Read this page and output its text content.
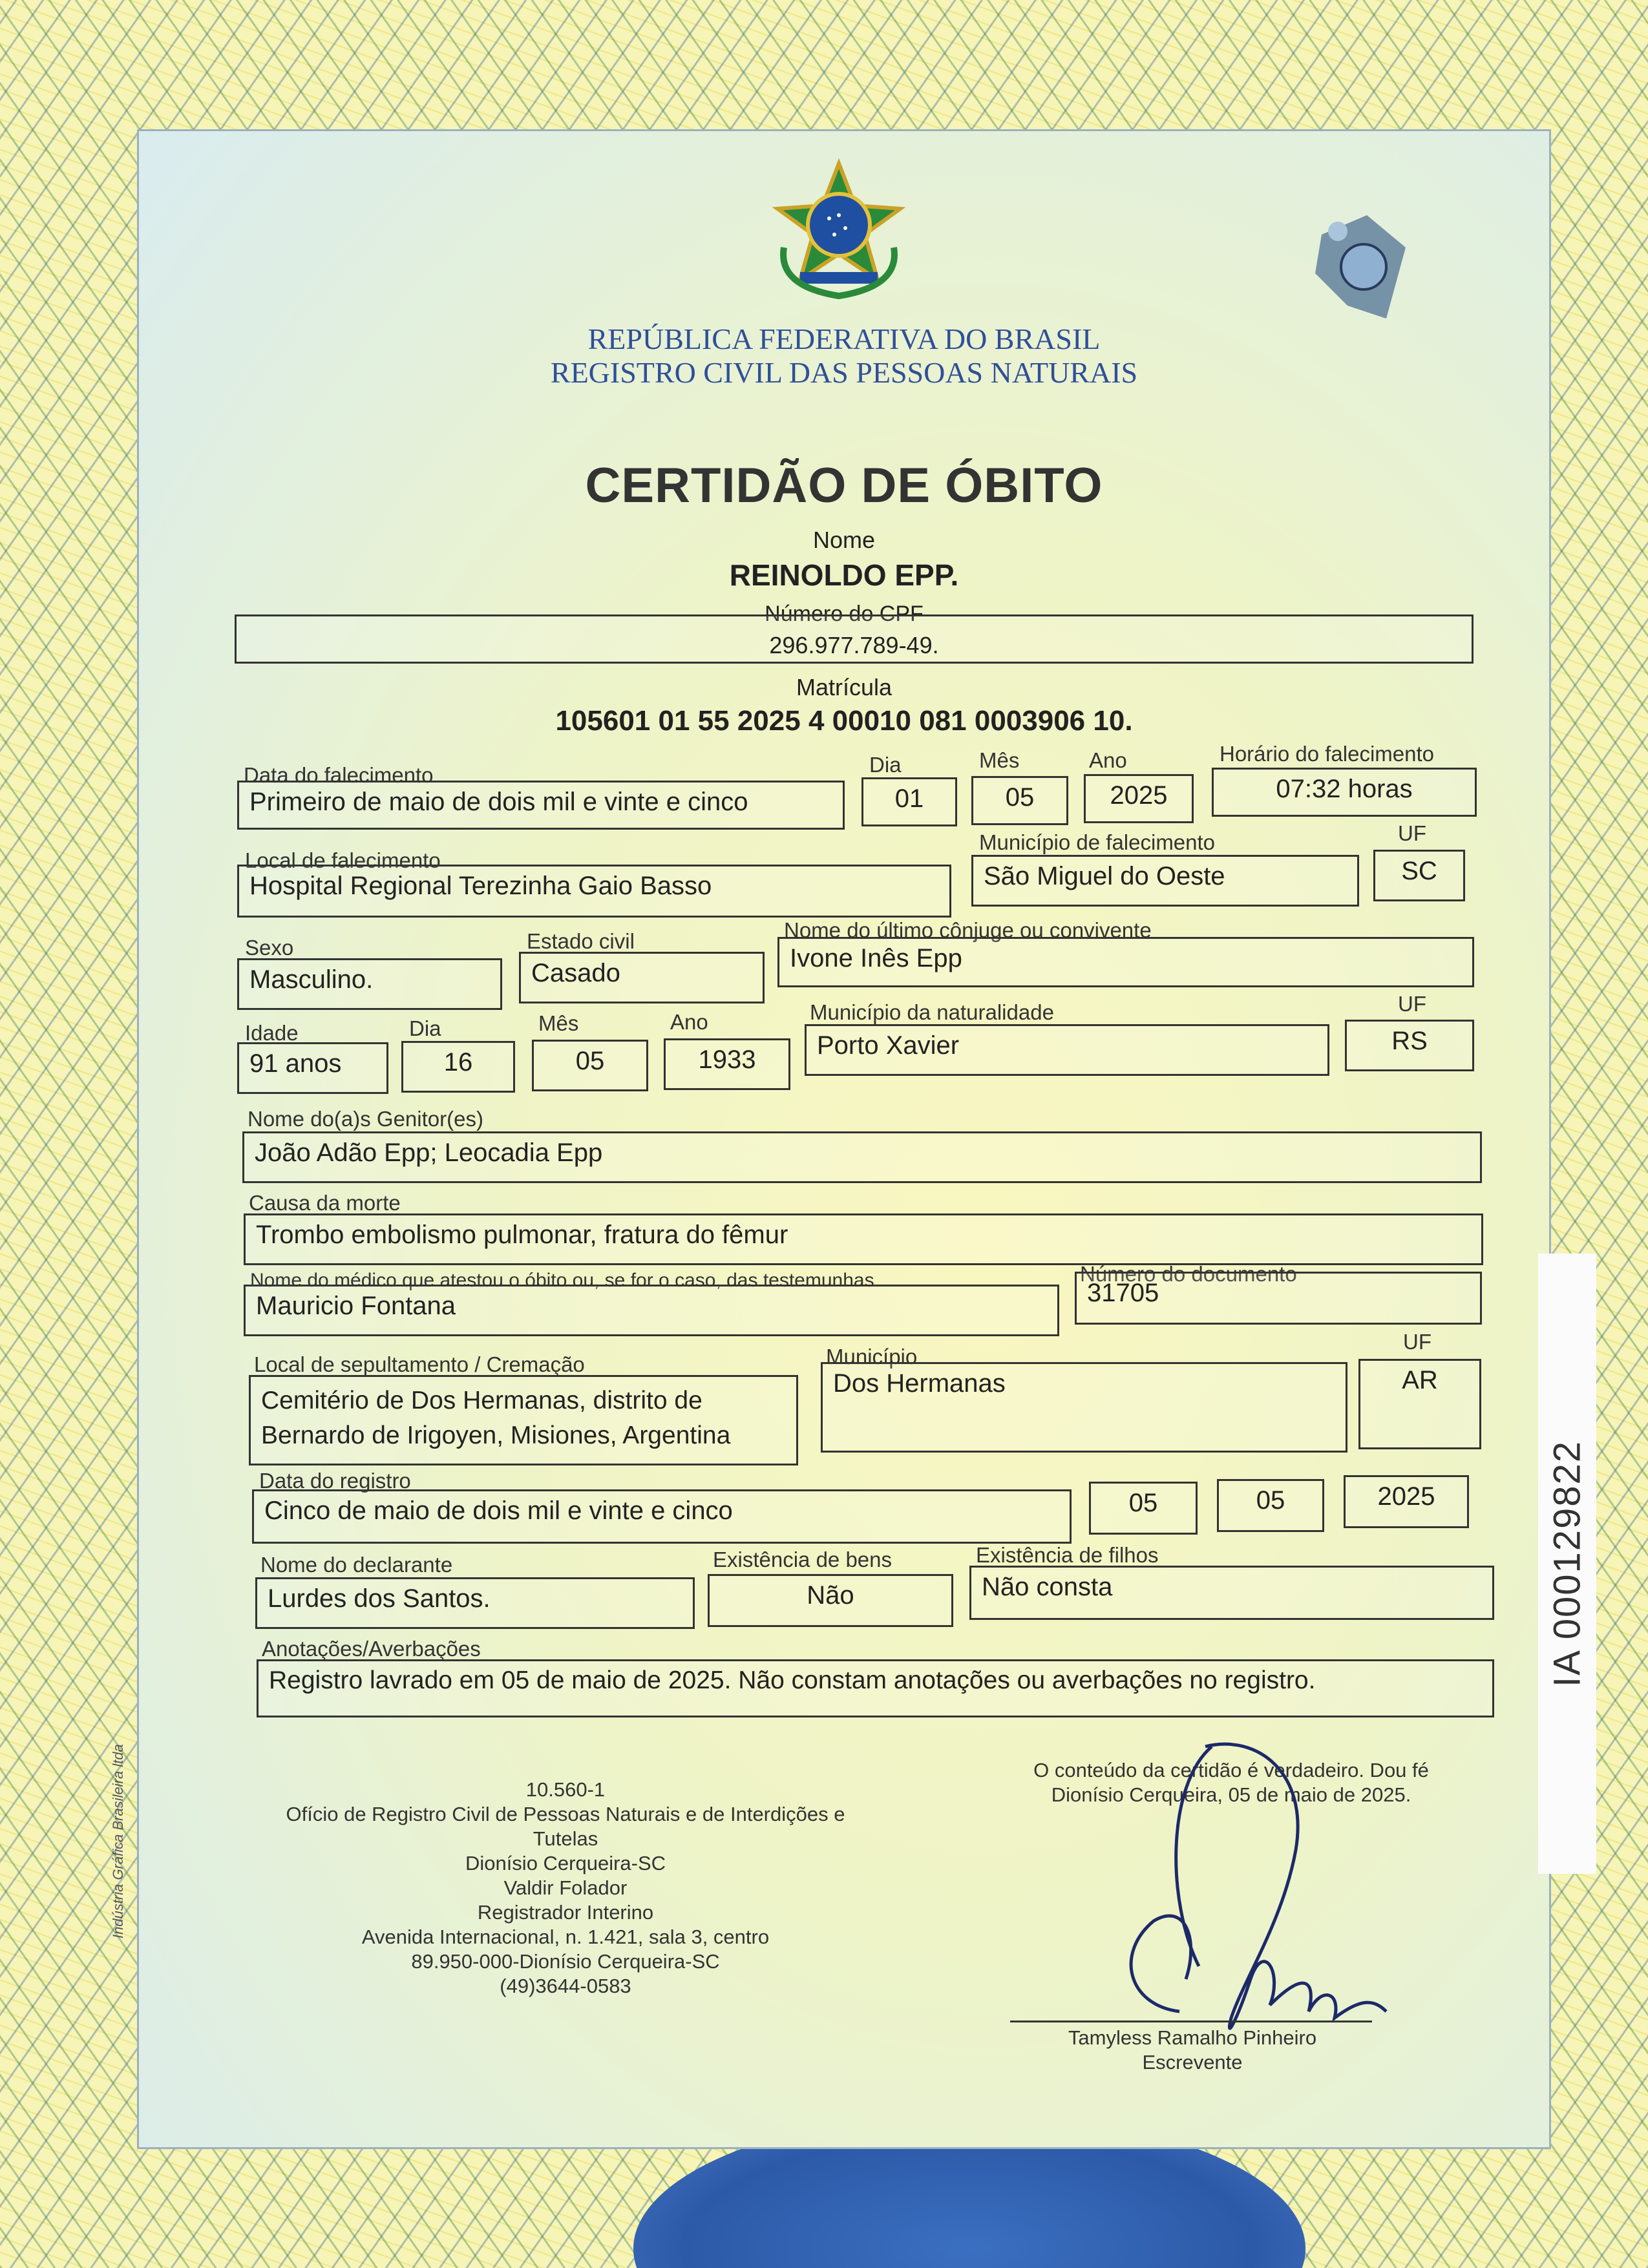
REPÚBLICA FEDERATIVA DO BRASIL
REGISTRO CIVIL DAS PESSOAS NATURAIS
CERTIDÃO DE ÓBITO
Nome
REINOLDO EPP.
Número do CPF
296.977.789-49.
Matrícula
105601 01 55 2025 4 00010 081 0003906 10.
Data do falecimento	Dia	Mês	Ano	Horário do falecimento
Primeiro de maio de dois mil e vinte e cinco	01	05	2025	07:32 horas
Local de falecimento
Município de falecimento	UF
Hospital Regional Terezinha Gaio Basso	São Miguel do Oeste	SC
Sexo	Estado civil	Nome do último cônjuge ou convivente
Masculino.	Casado
Ivone Inês Epp
Idade	Dia	Mês	Ano	Município da naturalidade	UF
91 anos	16	05	1933	Porto Xavier	RS
Nome do(a)s Genitor(es)
João Adão Epp; Leocadia Epp
Causa da morte
Trombo embolismo pulmonar, fratura do fêmur
Nome do médico que atestou o óbito ou, se for o caso, das testemunhas	Número do documento
Mauricio Fontana	31705
Local de sepultamento / Cremação	Município
UF
Cemitério de Dos Hermanas, distrito de
Bernardo de Irigoyen, Misiones, Argentina
Dos Hermanas	AR
Data do registro
Cinco de maio de dois mil e vinte e cinco	05	05	2025
Nome do declarante	Existência de bens	Existência de filhos
Lurdes dos Santos.	Não	Não consta
Anotações/Averbações
Registro lavrado em 05 de maio de 2025. Não constam anotações ou averbações no registro.
10.560-1
Ofício de Registro Civil de Pessoas Naturais e de Interdições e
Tutelas
Dionísio Cerqueira-SC
Valdir Folador
Registrador Interino
Avenida Internacional, n. 1.421, sala 3, centro
89.950-000-Dionísio Cerqueira-SC
(49)3644-0583
O conteúdo da certidão é verdadeiro. Dou fé
Dionísio Cerqueira, 05 de maio de 2025.
Tamyless Ramalho Pinheiro
Escrevente
Indústria Gráfica Brasileira ltda
IA 000129822
